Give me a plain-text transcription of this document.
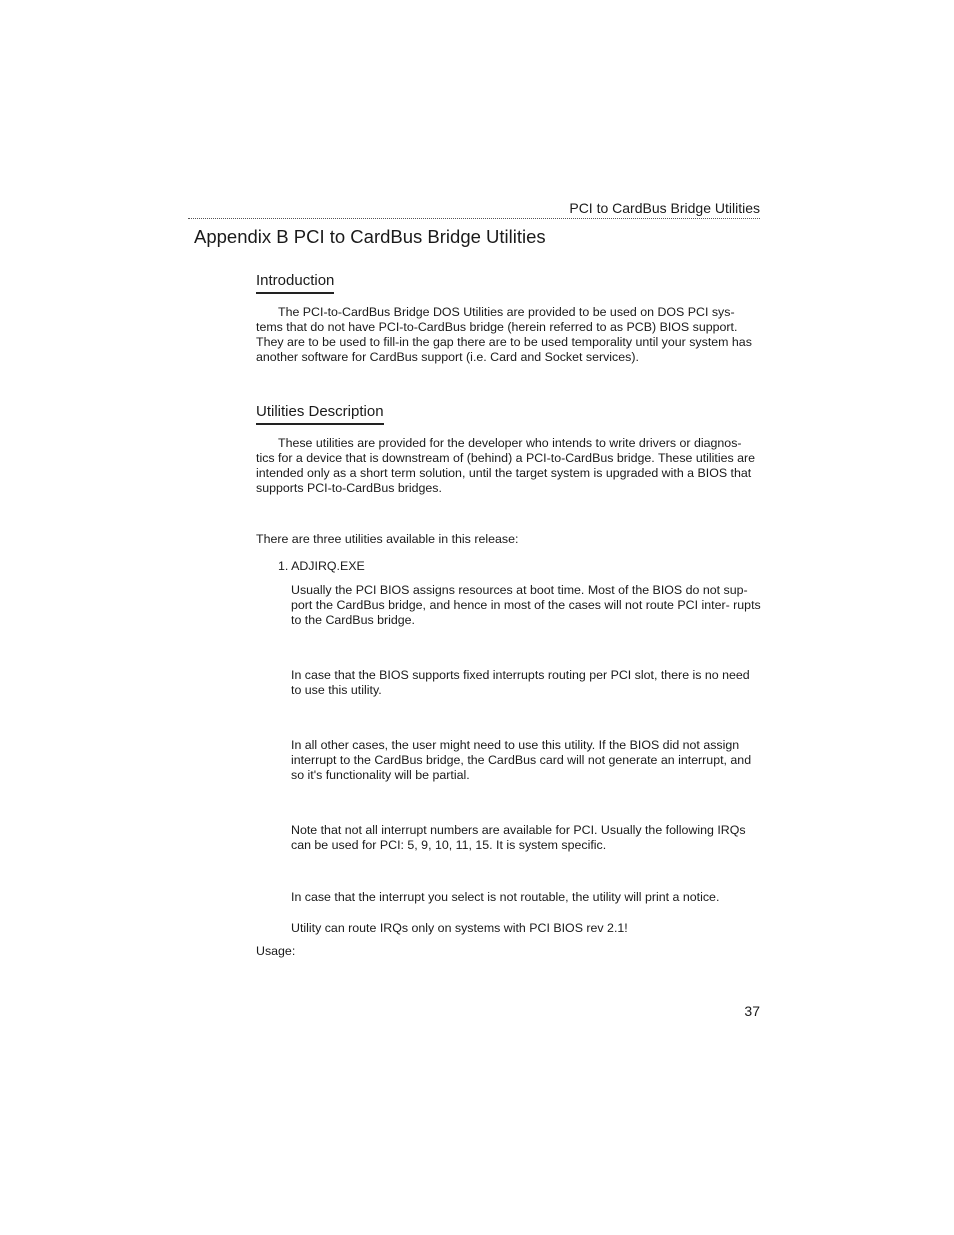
PCI to CardBus Bridge Utilities
Appendix B PCI to CardBus Bridge Utilities
Introduction

The PCI-to-CardBus Bridge DOS Utilities are provided to be used on DOS PCI sys- tems that do not have PCI-to-CardBus bridge (herein referred to as PCB) BIOS support. They are to be used to fill-in the gap there are to be used temporality until your system has another software for CardBus support (i.e. Card and Socket services).

Utilities Description

These utilities are provided for the developer who intends to write drivers or diagnos- tics for a device that is downstream of (behind) a PCI-to-CardBus bridge. These utilities are intended only as a short term solution, until the target system is upgraded with a BIOS that supports PCI-to-CardBus bridges.

There are three utilities available in this release:

1. ADJIRQ.EXE

Usually the PCI BIOS assigns resources at boot time. Most of the BIOS do not sup- port the CardBus bridge, and hence in most of the cases will not route PCI inter- rupts to the CardBus bridge.

In case that the BIOS supports fixed interrupts routing per PCI slot, there is no need to use this utility.

In all other cases, the user might need to use this utility. If the BIOS did not assign interrupt to the CardBus bridge, the CardBus card will not generate an interrupt, and so it's functionality will be partial.

Note that not all interrupt numbers are available for PCI. Usually the following IRQs can be used for PCI: 5, 9, 10, 11, 15. It is system specific.

In case that the interrupt you select is not routable, the utility will print a notice.

Utility can route IRQs only on systems with PCI BIOS rev 2.1!

Usage:

37
